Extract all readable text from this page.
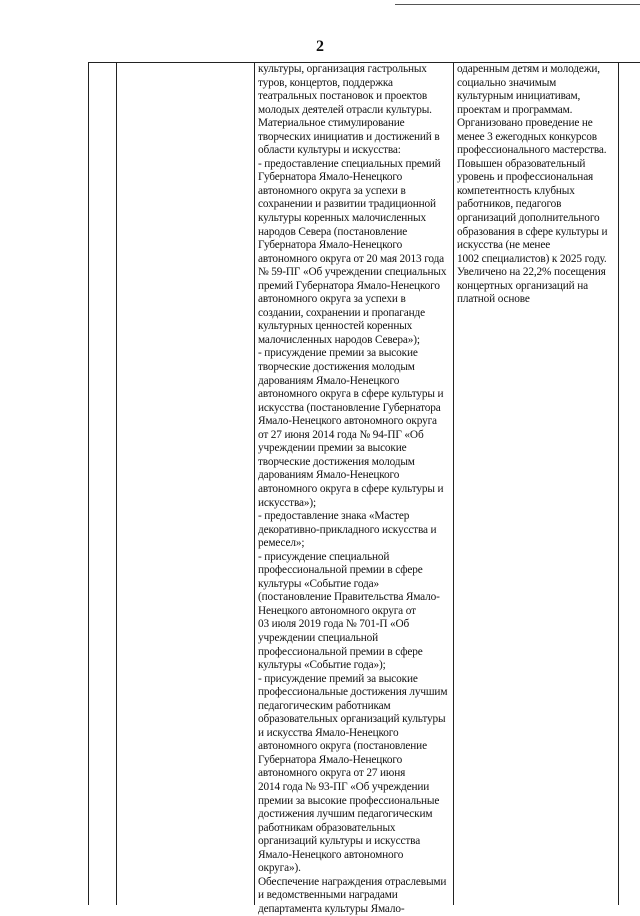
2
культуры, организация гастрольных
туров, концертов, поддержка
театральных постановок и проектов
молодых деятелей отрасли культуры.
Материальное стимулирование
творческих инициатив и достижений в
области культуры и искусства:
- предоставление специальных премий
Губернатора Ямало-Ненецкого
автономного округа за успехи в
сохранении и развитии традиционной
культуры коренных малочисленных
народов Севера (постановление
Губернатора Ямало-Ненецкого
автономного округа от 20 мая 2013 года
№ 59-ПГ «Об учреждении специальных
премий Губернатора Ямало-Ненецкого
автономного округа за успехи в
создании, сохранении и пропаганде
культурных ценностей коренных
малочисленных народов Севера»);
- присуждение премии за высокие
творческие достижения молодым
дарованиям Ямало-Ненецкого
автономного округа в сфере культуры и
искусства (постановление Губернатора
Ямало-Ненецкого автономного округа
от 27 июня 2014 года № 94-ПГ «Об
учреждении премии за высокие
творческие достижения молодым
дарованиям Ямало-Ненецкого
автономного округа в сфере культуры и
искусства»);
- предоставление знака «Мастер
декоративно-прикладного искусства и
ремесел»;
- присуждение специальной
профессиональной премии в сфере
культуры «Событие года»
(постановление Правительства Ямало-
Ненецкого автономного округа от
03 июля 2019 года № 701-П «Об
учреждении специальной
профессиональной премии в сфере
культуры «Событие года»);
- присуждение премий за высокие
профессиональные достижения лучшим
педагогическим работникам
образовательных организаций культуры
и искусства Ямало-Ненецкого
автономного округа (постановление
Губернатора Ямало-Ненецкого
автономного округа от 27 июня
2014 года № 93-ПГ «Об учреждении
премии за высокие профессиональные
достижения лучшим педагогическим
работникам образовательных
организаций культуры и искусства
Ямало-Ненецкого автономного
округа»).
Обеспечение награждения отраслевыми
и ведомственными наградами
департамента культуры Ямало-
одаренным детям и молодежи,
социально значимым
культурным инициативам,
проектам и программам.
Организовано проведение не
менее 3 ежегодных конкурсов
профессионального мастерства.
Повышен образовательный
уровень и профессиональная
компетентность клубных
работников, педагогов
организаций дополнительного
образования в сфере культуры и
искусства (не менее
1002 специалистов) к 2025 году.
Увеличено на 22,2% посещения
концертных организаций на
платной основе
